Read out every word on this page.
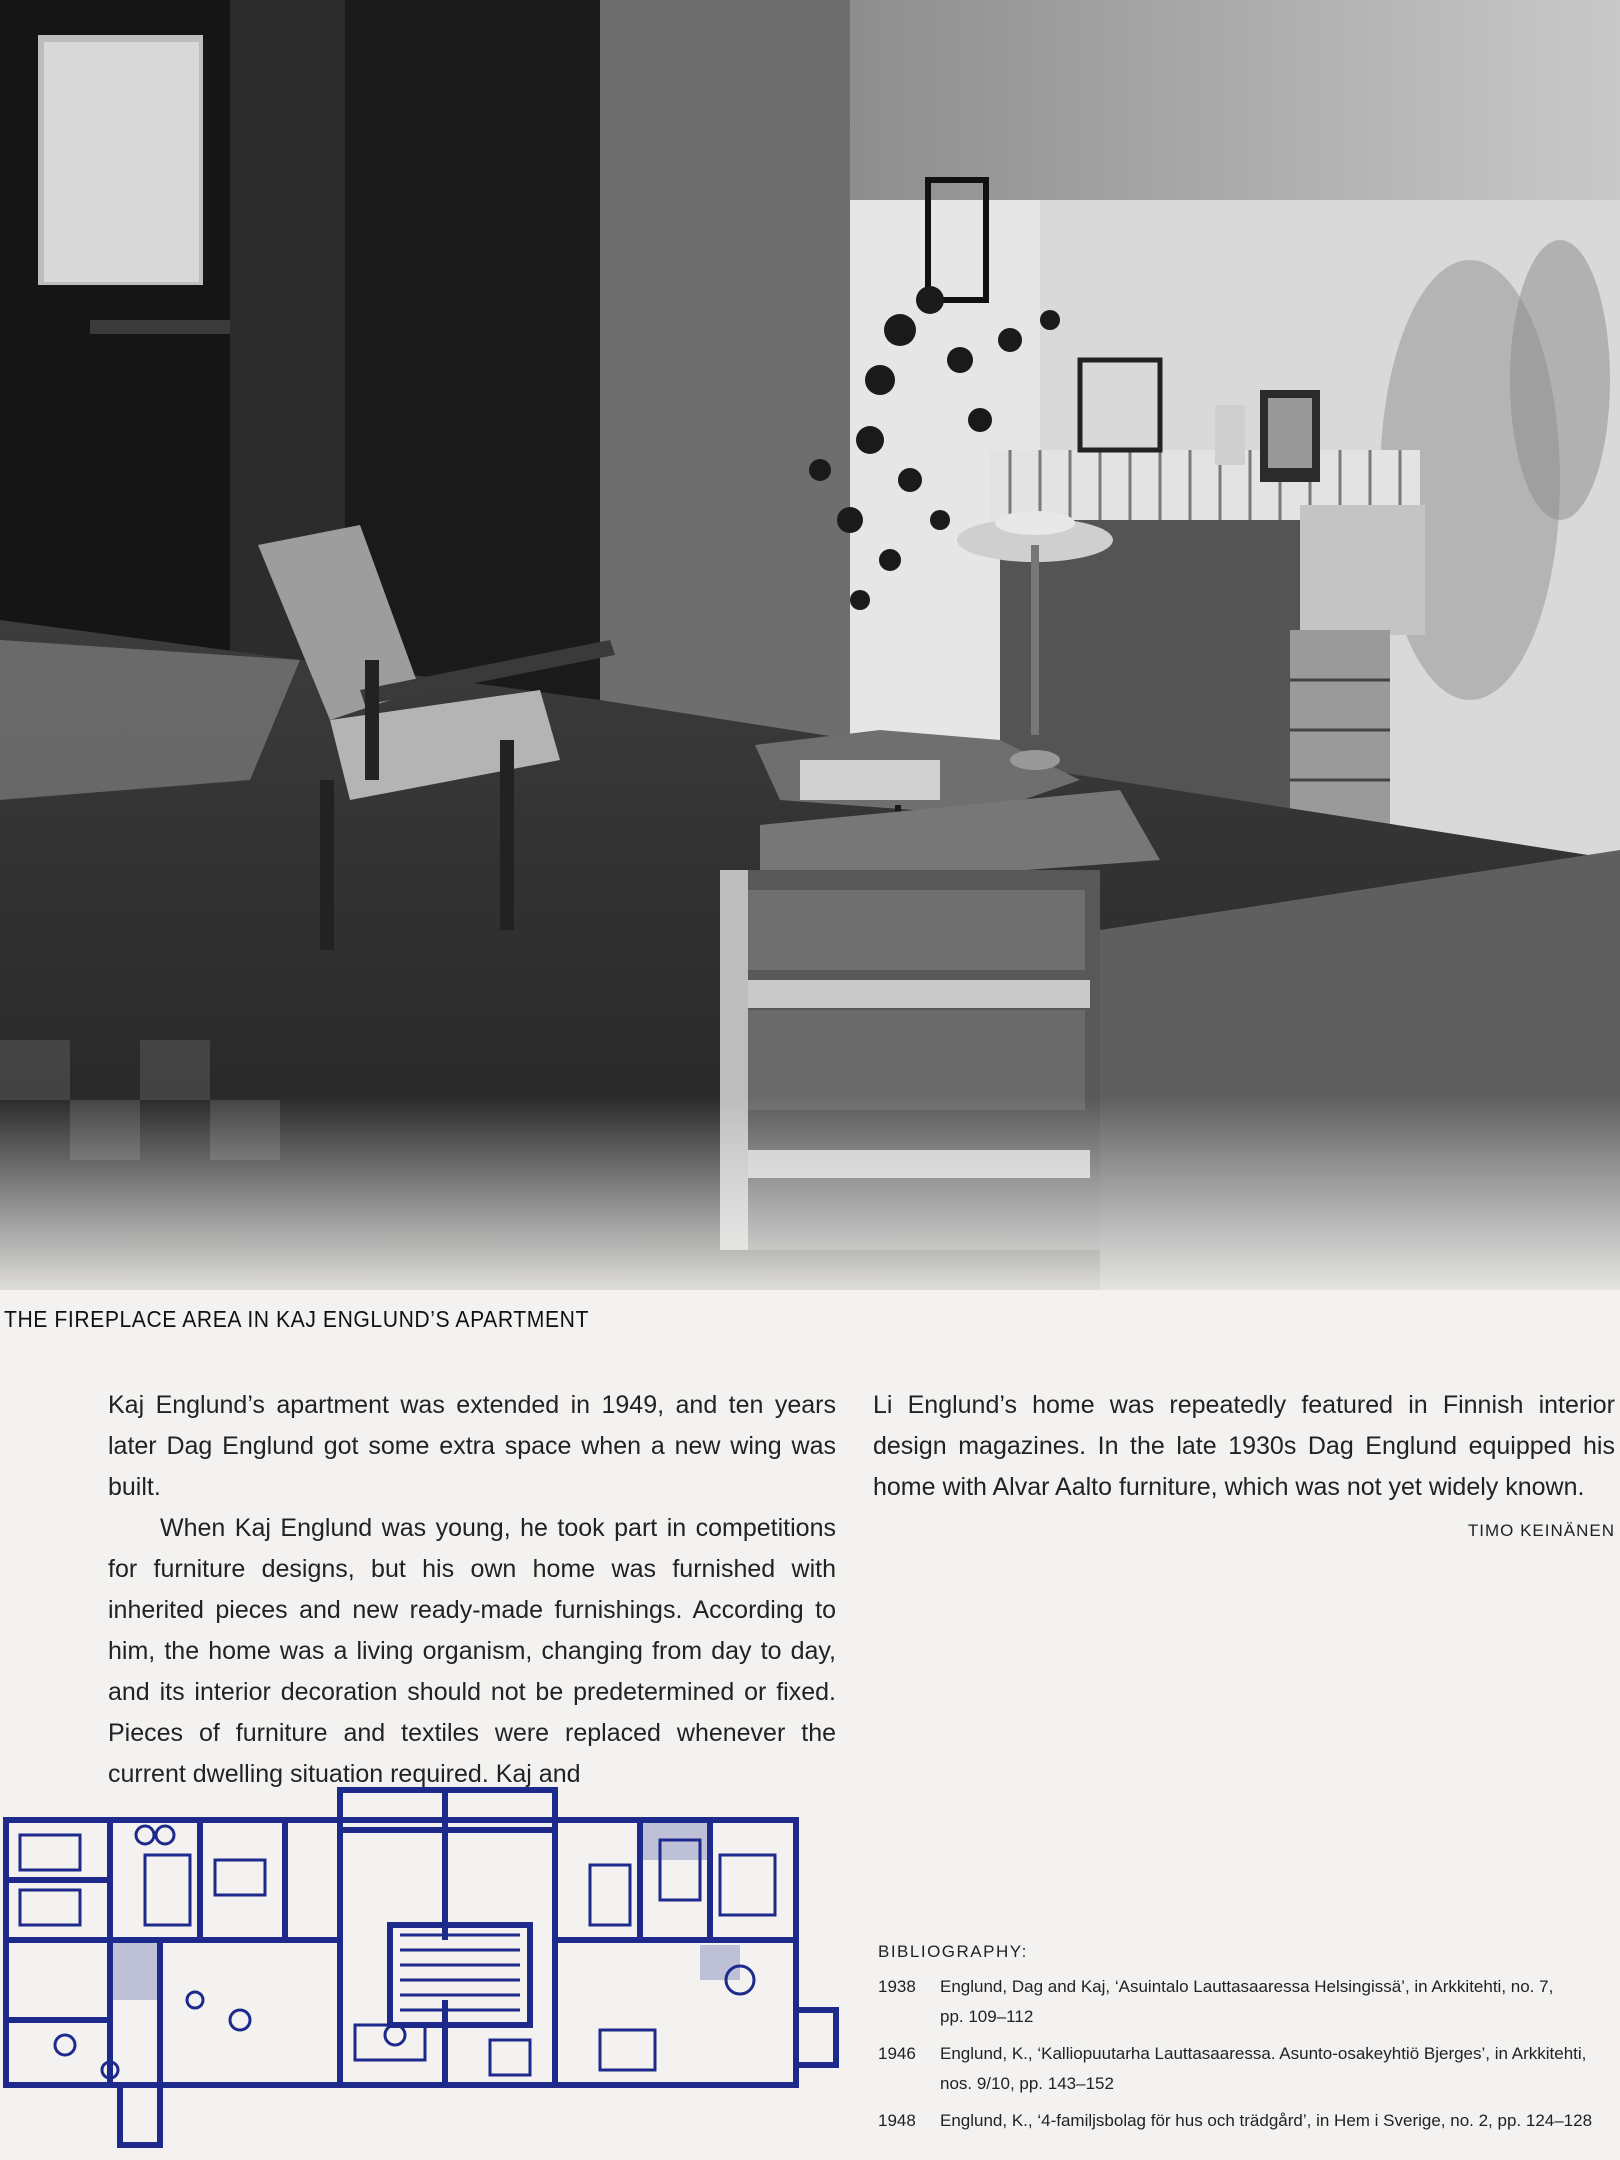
THE FIREPLACE AREA IN KAJ ENGLUND’S APARTMENT

Kaj Englund’s apartment was extended in 1949, and ten years later Dag Englund got some extra space when a new wing was built.

When Kaj Englund was young, he took part in competitions for furniture designs, but his own home was furnished with inherited pieces and new ready-made furnishings. According to him, the home was a living organism, changing from day to day, and its interior decoration should not be predetermined or fixed. Pieces of furniture and textiles were replaced whenever the current dwelling situation required. Kaj and

Li Englund’s home was repeatedly featured in Finnish interior design magazines. In the late 1930s Dag Englund equipped his home with Alvar Aalto furniture, which was not yet widely known.
TIMO KEINÄNEN

BIBLIOGRAPHY:
1938	Englund, Dag and Kaj, ‘Asuintalo Lauttasaaressa Helsingissä’, in Arkkitehti, no. 7,
pp. 109–112
1946	Englund, K., ‘Kalliopuutarha Lauttasaaressa. Asunto-osakeyhtiö Bjerges’, in Arkkitehti,
nos. 9/10, pp. 143–152
1948	Englund, K., ‘4-familjsbolag för hus och trädgård’, in Hem i Sverige, no. 2, pp. 124–128
